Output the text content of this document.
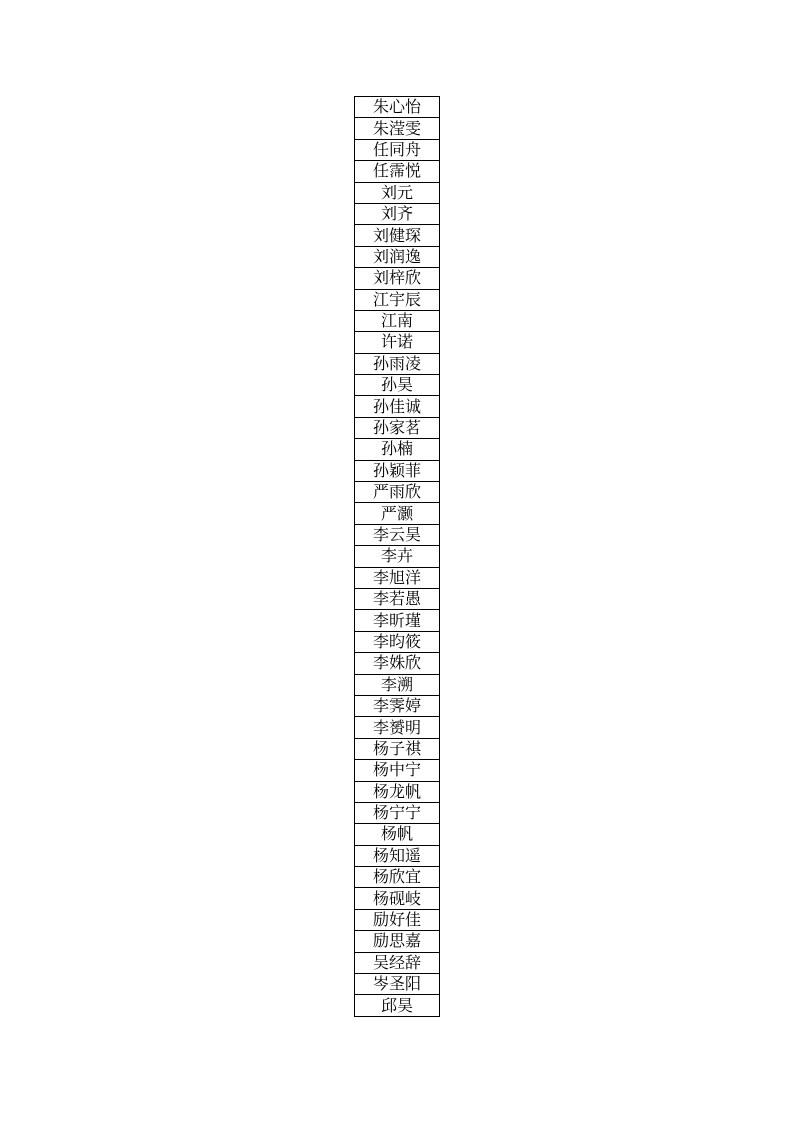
朱心怡
朱滢雯
任同舟
任霈悦
刘元
刘齐
刘健琛
刘润逸
刘梓欣
江宇辰
江南
许诺
孙雨凌
孙昊
孙佳诚
孙家茗
孙楠
孙颖菲
严雨欣
严灏
李云昊
李卉
李旭洋
李若愚
李昕瑾
李昀筱
李姝欣
李溯
李霁婷
李赟明
杨子祺
杨中宁
杨龙帆
杨宁宁
杨帆
杨知遥
杨欣宜
杨砚岐
励好佳
励思嘉
吴经辞
岑圣阳
邱昊
